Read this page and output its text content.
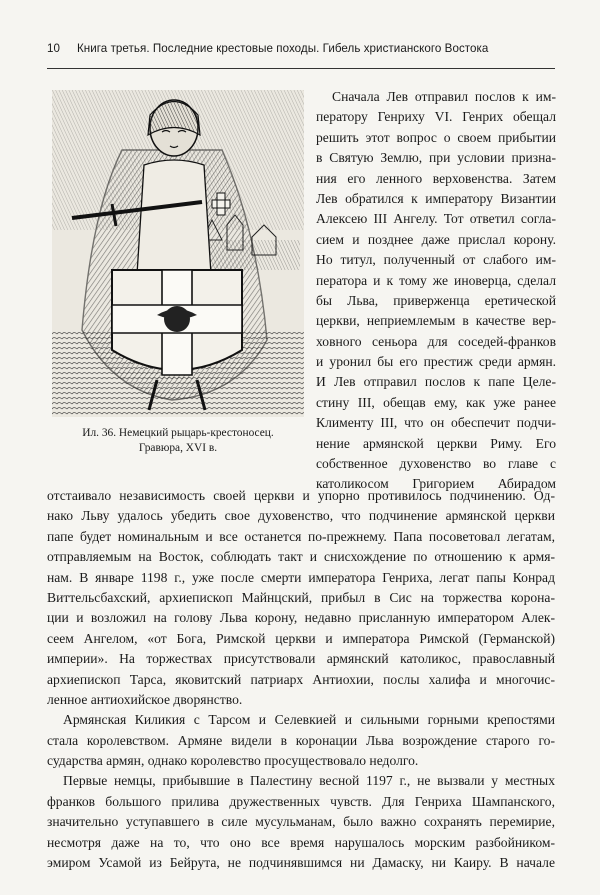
10 Книга третья. Последние крестовые походы. Гибель христианского Востока
Ил. 36. Немецкий рыцарь-крестоносец.
Гравюра, XVI в.
Сначала Лев отправил послов к им-
ператору Генриху VI. Генрих обещал
решить этот вопрос о своем прибытии
в Святую Землю, при условии призна-
ния его ленного верховенства. Затем
Лев обратился к императору Византии
Алексею III Ангелу. Тот ответил согла-
сием и позднее даже прислал корону.
Но титул, полученный от слабого им-
ператора и к тому же иноверца, сделал
бы Льва, приверженца еретической
церкви, неприемлемым в качестве вер-
ховного сеньора для соседей-франков
и уронил бы его престиж среди армян.
И Лев отправил послов к папе Целе-
стину III, обещав ему, как уже ранее
Клименту III, что он обеспечит подчи-
нение армянской церкви Риму. Его
собственное духовенство во главе с
католикосом Григорием Абирадом
отстаивало независимость своей церкви и упорно противилось подчинению. Од-
нако Льву удалось убедить свое духовенство, что подчинение армянской церкви
папе будет номинальным и все останется по-прежнему. Папа посоветовал легатам,
отправляемым на Восток, соблюдать такт и снисхождение по отношению к армя-
нам. В январе 1198 г., уже после смерти императора Генриха, легат папы Конрад
Виттельсбахский, архиепископ Майнцский, прибыл в Сис на торжества корона-
ции и возложил на голову Льва корону, недавно присланную императором Алек-
сеем Ангелом, «от Бога, Римской церкви и императора Римской (Германской)
империи». На торжествах присутствовали армянский католикос, православный
архиепископ Тарса, яковитский патриарх Антиохии, послы халифа и многочис-
ленное антиохийское дворянство.
Армянская Киликия с Тарсом и Селевкией и сильными горными крепостями
стала королевством. Армяне видели в коронации Льва возрождение старого го-
сударства армян, однако королевство просуществовало недолго.
Первые немцы, прибывшие в Палестину весной 1197 г., не вызвали у местных
франков большого прилива дружественных чувств. Для Генриха Шампанского,
значительно уступавшего в силе мусульманам, было важно сохранять перемирие,
несмотря даже на то, что оно все время нарушалось морским разбойником-
эмиром Усамой из Бейрута, не подчинявшимся ни Дамаску, ни Каиру. В начале
